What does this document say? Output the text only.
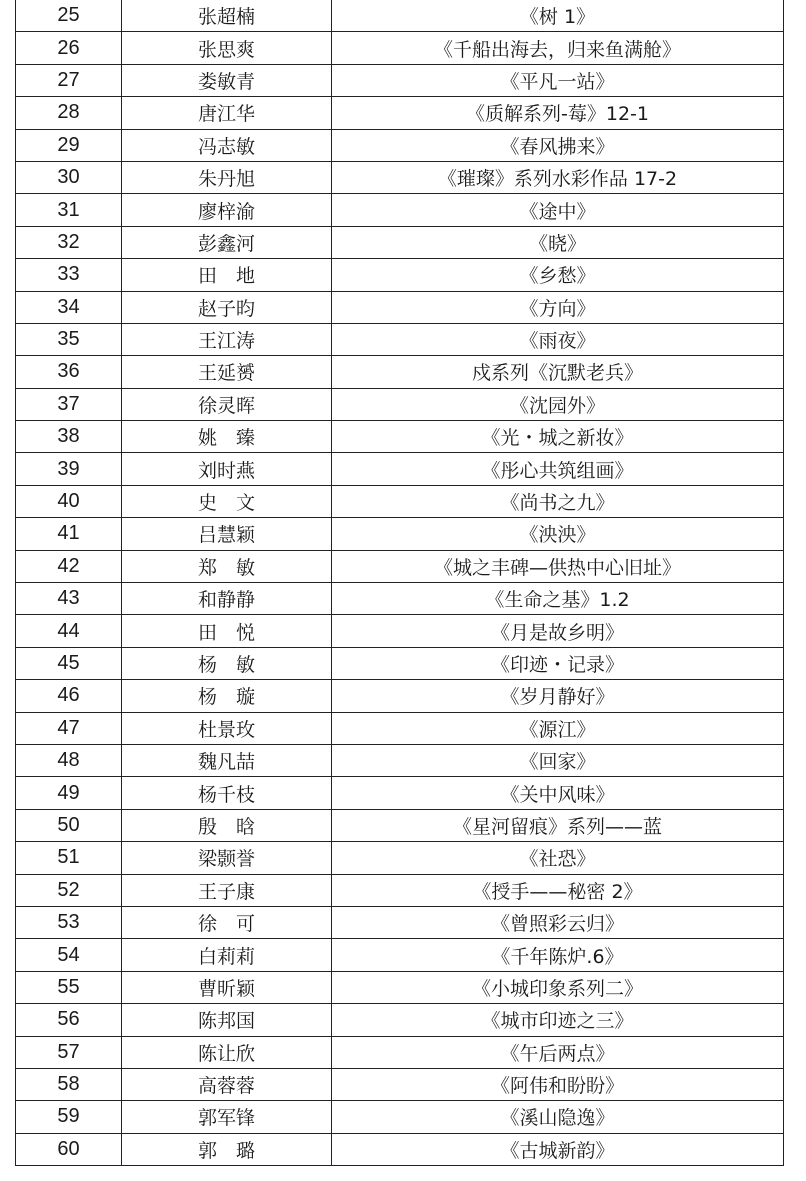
25	张超楠	《树 1》
26	张思爽	《千船出海去，归来鱼满舱》
27	娄敏青	《平凡一站》
28	唐江华	《质解系列-莓》12-1
29	冯志敏	《春风拂来》
30	朱丹旭	《璀璨》系列水彩作品 17-2
31	廖梓渝	《途中》
32	彭鑫河	《晓》
33	田　地	《乡愁》
34	赵子昀	《方向》
35	王江涛	《雨夜》
36	王延赟	戍系列《沉默老兵》
37	徐灵晖	《沈园外》
38	姚　臻	《光・城之新妆》
39	刘时燕	《彤心共筑组画》
40	史　文	《尚书之九》
41	吕慧颖	《泱泱》
42	郑　敏	《城之丰碑—供热中心旧址》
43	和静静	《生命之基》1.2
44	田　悦	《月是故乡明》
45	杨　敏	《印迹・记录》
46	杨　璇	《岁月静好》
47	杜景玫	《源江》
48	魏凡喆	《回家》
49	杨千枝	《关中风味》
50	殷　晗	《星河留痕》系列——蓝
51	梁颢誉	《社恐》
52	王子康	《授手——秘密 2》
53	徐　可	《曾照彩云归》
54	白莉莉	《千年陈炉.6》
55	曹昕颖	《小城印象系列二》
56	陈邦国	《城市印迹之三》
57	陈让欣	《午后两点》
58	高蓉蓉	《阿伟和盼盼》
59	郭军锋	《溪山隐逸》
60	郭　璐	《古城新韵》
